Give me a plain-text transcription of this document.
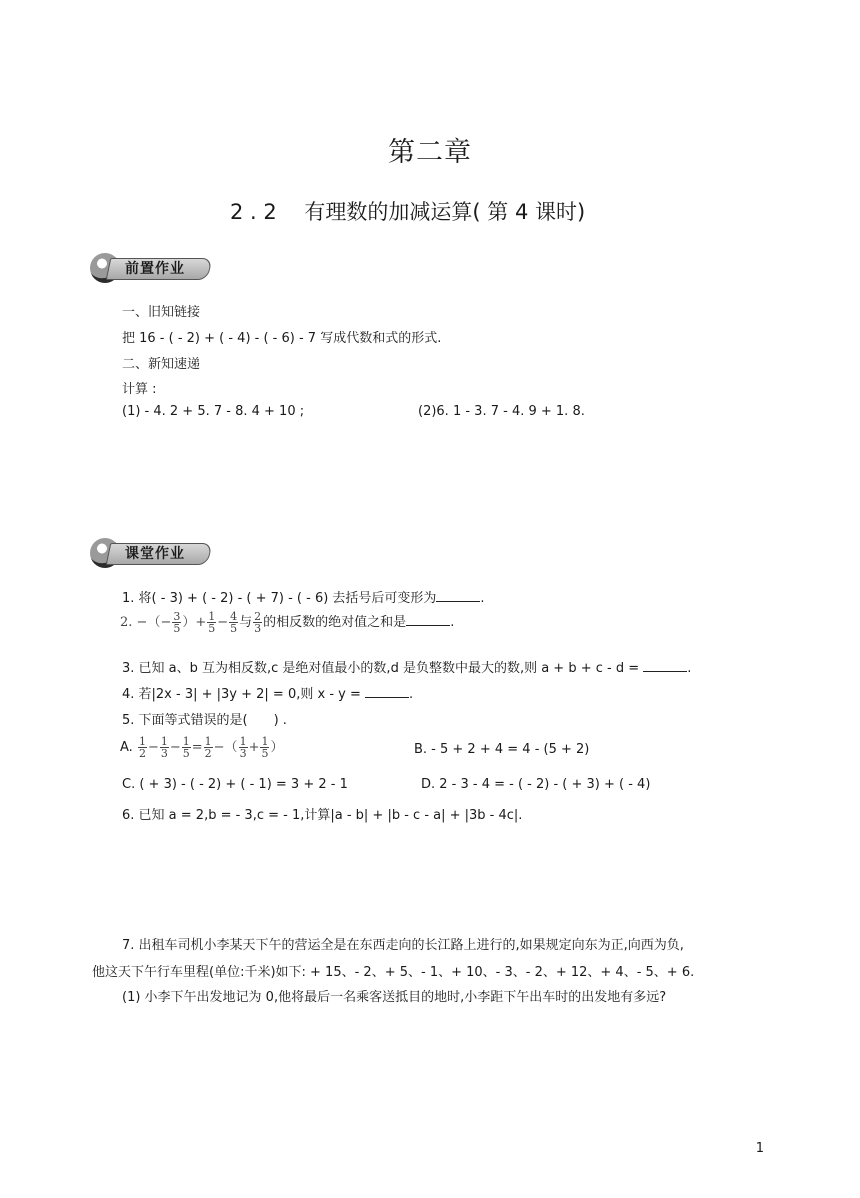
第二章
2 . 2　 有理数的加减运算( 第 4 课时)
前置作业
一、旧知链接
把 16 - ( - 2) + ( - 4) - ( - 6) - 7 写成代数和式的形式.
二、新知速递
计算 :
(1) - 4. 2 + 5. 7 - 8. 4 + 10 ;	(2)6. 1 - 3. 7 - 4. 9 + 1. 8.
课堂作业
1. 将( - 3) + ( - 2) - ( + 7) - ( - 6) 去括号后可变形为	.
2. −（− $\frac{3}{5}$ ）+ $\frac{1}{5} - \frac{4}{5}$ 与 $\frac{2}{3}$ 的相反数的绝对值之和是	.
3. 已知 a、b 互为相反数,c 是绝对值最小的数,d 是负整数中最大的数,则 a + b + c - d =	.
4. 若|2x - 3| + |3y + 2| = 0,则 x - y =	.
5. 下面等式错误的是(　　) .
A. $\frac{1}{2} - \frac{1}{3} - \frac{1}{5} = \frac{1}{2}$ −（ $\frac{1}{3} + \frac{1}{5}$ ）	B. - 5 + 2 + 4 = 4 - (5 + 2)
C. ( + 3) - ( - 2) + ( - 1) = 3 + 2 - 1	D. 2 - 3 - 4 = - ( - 2) - ( + 3) + ( - 4)
6. 已知 a = 2,b = - 3,c = - 1,计算|a - b| + |b - c - a| + |3b - 4c|.
7. 出租车司机小李某天下午的营运全是在东西走向的长江路上进行的,如果规定向东为正,向西为负,
他这天下午行车里程(单位:千米)如下: + 15、- 2、+ 5、- 1、+ 10、- 3、- 2、+ 12、+ 4、- 5、+ 6.
(1) 小李下午出发地记为 0,他将最后一名乘客送抵目的地时,小李距下午出车时的出发地有多远?
1
